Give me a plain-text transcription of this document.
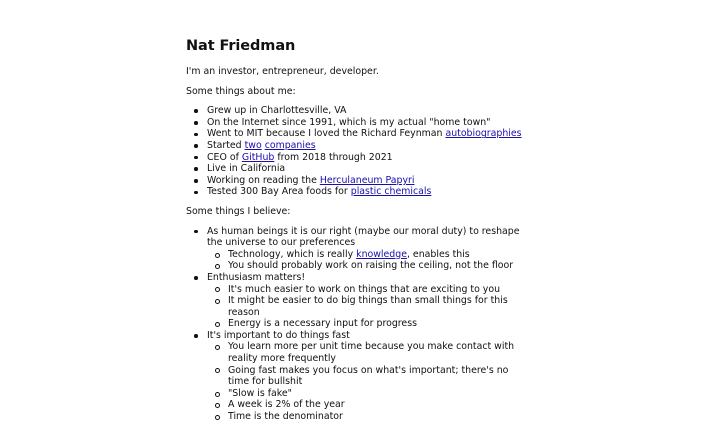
Nat Friedman

I'm an investor, entrepreneur, developer.

Some things about me:

Grew up in Charlottesville, VA
On the Internet since 1991, which is my actual "home town"
Went to MIT because I loved the Richard Feynman autobiographies
Started two companies
CEO of GitHub from 2018 through 2021
Live in California
Working on reading the Herculaneum Papyri
Tested 300 Bay Area foods for plastic chemicals

Some things I believe:

As human beings it is our right (maybe our moral duty) to reshape the universe to our preferences
Technology, which is really knowledge, enables this
You should probably work on raising the ceiling, not the floor
Enthusiasm matters!
It's much easier to work on things that are exciting to you
It might be easier to do big things than small things for this reason
Energy is a necessary input for progress
It's important to do things fast
You learn more per unit time because you make contact with reality more frequently
Going fast makes you focus on what's important; there's no time for bullshit
"Slow is fake"
A week is 2% of the year
Time is the denominator
